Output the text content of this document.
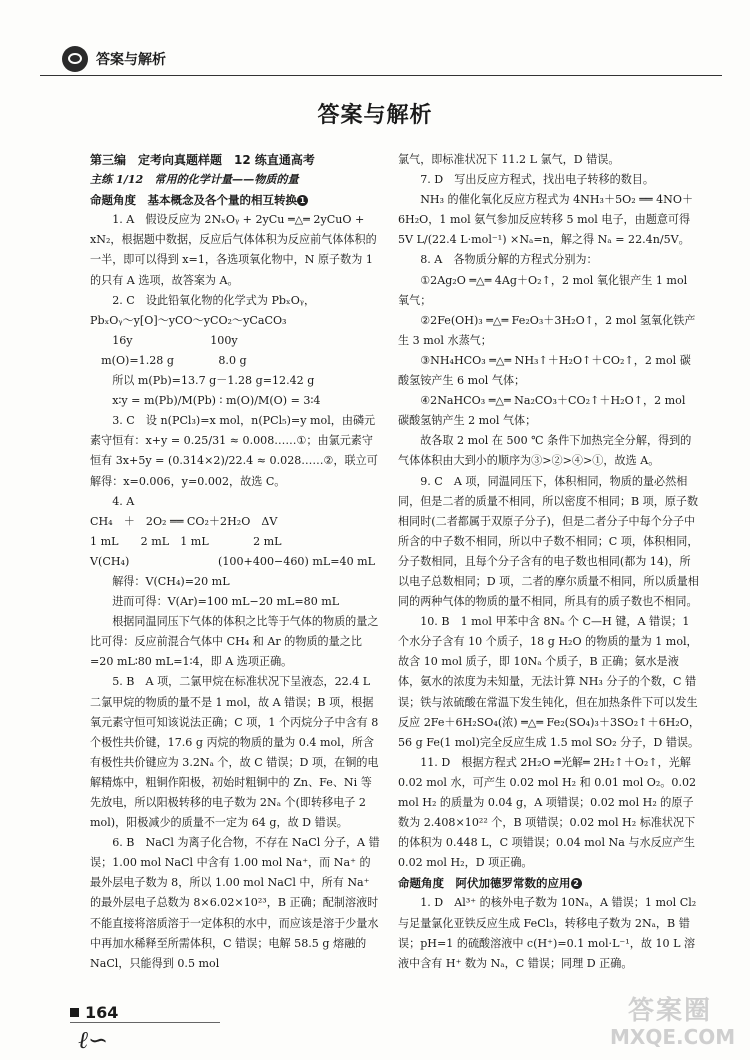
答案与解析
答案与解析

第三编　定考向真题样题　12 练直通高考

主练 1/12　常用的化学计量——物质的量

命题角度　基本概念及各个量的相互转换 1

1. A　假设反应为 2NₓOᵧ + 2yCu ═△═ 2yCuO + xN₂，根据题中数据，反应后气体体积为反应前气体体积的一半，即可以得到 x=1，各选项氧化物中，N 原子数为 1 的只有 A 选项，故答案为 A。

2. C　设此铅氧化物的化学式为 PbₓOᵧ，

PbₓOᵧ～y[O]～yCO～yCO₂～yCaCO₃

　　16y　　　　　　　100y

　m(O)=1.28 g　　　　8.0 g

所以 m(Pb)=13.7 g－1.28 g=12.42 g

x∶y = m(Pb)/M(Pb) ∶ m(O)/M(O) = 3∶4

3. C　设 n(PCl₃)=x mol，n(PCl₅)=y mol，由磷元素守恒有：x+y = 0.25/31 ≈ 0.008……①；由氯元素守恒有 3x+5y = (0.314×2)/22.4 ≈ 0.028……②，联立可解得：x=0.006，y=0.002，故选 C。

4. A

CH₄　＋　2O₂ ══ CO₂＋2H₂O　ΔV

1 mL　　2 mL　1 mL　　　　2 mL

V(CH₄)　　　　　　　　(100+400−460) mL=40 mL

解得：V(CH₄)=20 mL

进而可得：V(Ar)=100 mL−20 mL=80 mL

根据同温同压下气体的体积之比等于气体的物质的量之比可得：反应前混合气体中 CH₄ 和 Ar 的物质的量之比=20 mL∶80 mL=1∶4，即 A 选项正确。

5. B　A 项，二氯甲烷在标准状况下呈液态，22.4 L 二氯甲烷的物质的量不是 1 mol，故 A 错误；B 项，根据氧元素守恒可知该说法正确；C 项，1 个丙烷分子中含有 8 个极性共价键，17.6 g 丙烷的物质的量为 0.4 mol，所含有极性共价键应为 3.2Nₐ 个，故 C 错误；D 项，在铜的电解精炼中，粗铜作阳极，初始时粗铜中的 Zn、Fe、Ni 等先放电，所以阳极转移的电子数为 2Nₐ 个(即转移电子 2 mol)，阳极减少的质量不一定为 64 g，故 D 错误。

6. B　NaCl 为离子化合物，不存在 NaCl 分子，A 错误；1.00 mol NaCl 中含有 1.00 mol Na⁺，而 Na⁺ 的最外层电子数为 8，所以 1.00 mol NaCl 中，所有 Na⁺ 的最外层电子总数为 8×6.02×10²³，B 正确；配制溶液时不能直接将溶质溶于一定体积的水中，而应该是溶于少量水中再加水稀释至所需体积，C 错误；电解 58.5 g 熔融的 NaCl，只能得到 0.5 mol

氯气，即标准状况下 11.2 L 氯气，D 错误。

7. D　写出反应方程式，找出电子转移的数目。

NH₃ 的催化氧化反应方程式为 4NH₃＋5O₂ ══ 4NO＋6H₂O，1 mol 氨气参加反应转移 5 mol 电子，由题意可得 5V L/(22.4 L·mol⁻¹) ×Nₐ=n，解之得 Nₐ = 22.4n/5V。

8. A　各物质分解的方程式分别为：

①2Ag₂O ═△═ 4Ag＋O₂↑，2 mol 氧化银产生 1 mol 氧气；

②2Fe(OH)₃ ═△═ Fe₂O₃＋3H₂O↑，2 mol 氢氧化铁产生 3 mol 水蒸气；

③NH₄HCO₃ ═△═ NH₃↑＋H₂O↑＋CO₂↑，2 mol 碳酸氢铵产生 6 mol 气体；

④2NaHCO₃ ═△═ Na₂CO₃＋CO₂↑＋H₂O↑，2 mol 碳酸氢钠产生 2 mol 气体；

故各取 2 mol 在 500 ℃ 条件下加热完全分解，得到的气体体积由大到小的顺序为③>②>④>①，故选 A。

9. C　A 项，同温同压下，体积相同，物质的量必然相同，但是二者的质量不相同，所以密度不相同；B 项，原子数相同时(二者都属于双原子分子)，但是二者分子中每个分子中所含的中子数不相同，所以中子数不相同；C 项，体积相同，分子数相同，且每个分子含有的电子数也相同(都为 14)，所以电子总数相同；D 项，二者的摩尔质量不相同，所以质量相同的两种气体的物质的量不相同，所具有的质子数也不相同。

10. B　1 mol 甲苯中含 8Nₐ 个 C—H 键，A 错误；1 个水分子含有 10 个质子，18 g H₂O 的物质的量为 1 mol，故含 10 mol 质子，即 10Nₐ 个质子，B 正确；氨水是液体，氨水的浓度为未知量，无法计算 NH₃ 分子的个数，C 错误；铁与浓硫酸在常温下发生钝化，但在加热条件下可以发生反应 2Fe＋6H₂SO₄(浓) ═△═ Fe₂(SO₄)₃＋3SO₂↑＋6H₂O，56 g Fe(1 mol)完全反应生成 1.5 mol SO₂ 分子，D 错误。

11. D　根据方程式 2H₂O ═光解═ 2H₂↑＋O₂↑，光解 0.02 mol 水，可产生 0.02 mol H₂ 和 0.01 mol O₂。0.02 mol H₂ 的质量为 0.04 g，A 项错误；0.02 mol H₂ 的原子数为 2.408×10²² 个，B 项错误；0.02 mol H₂ 标准状况下的体积为 0.448 L，C 项错误；0.04 mol Na 与水反应产生 0.02 mol H₂，D 项正确。

命题角度　阿伏加德罗常数的应用 2

1. D　Al³⁺ 的核外电子数为 10Nₐ，A 错误；1 mol Cl₂ 与足量氯化亚铁反应生成 FeCl₃，转移电子数为 2Nₐ，B 错误；pH=1 的硫酸溶液中 c(H⁺)=0.1 mol·L⁻¹，故 10 L 溶液中含有 H⁺ 数为 Nₐ，C 错误；同理 D 正确。

164
ℓ∽
答案圈
MXQE.COM
